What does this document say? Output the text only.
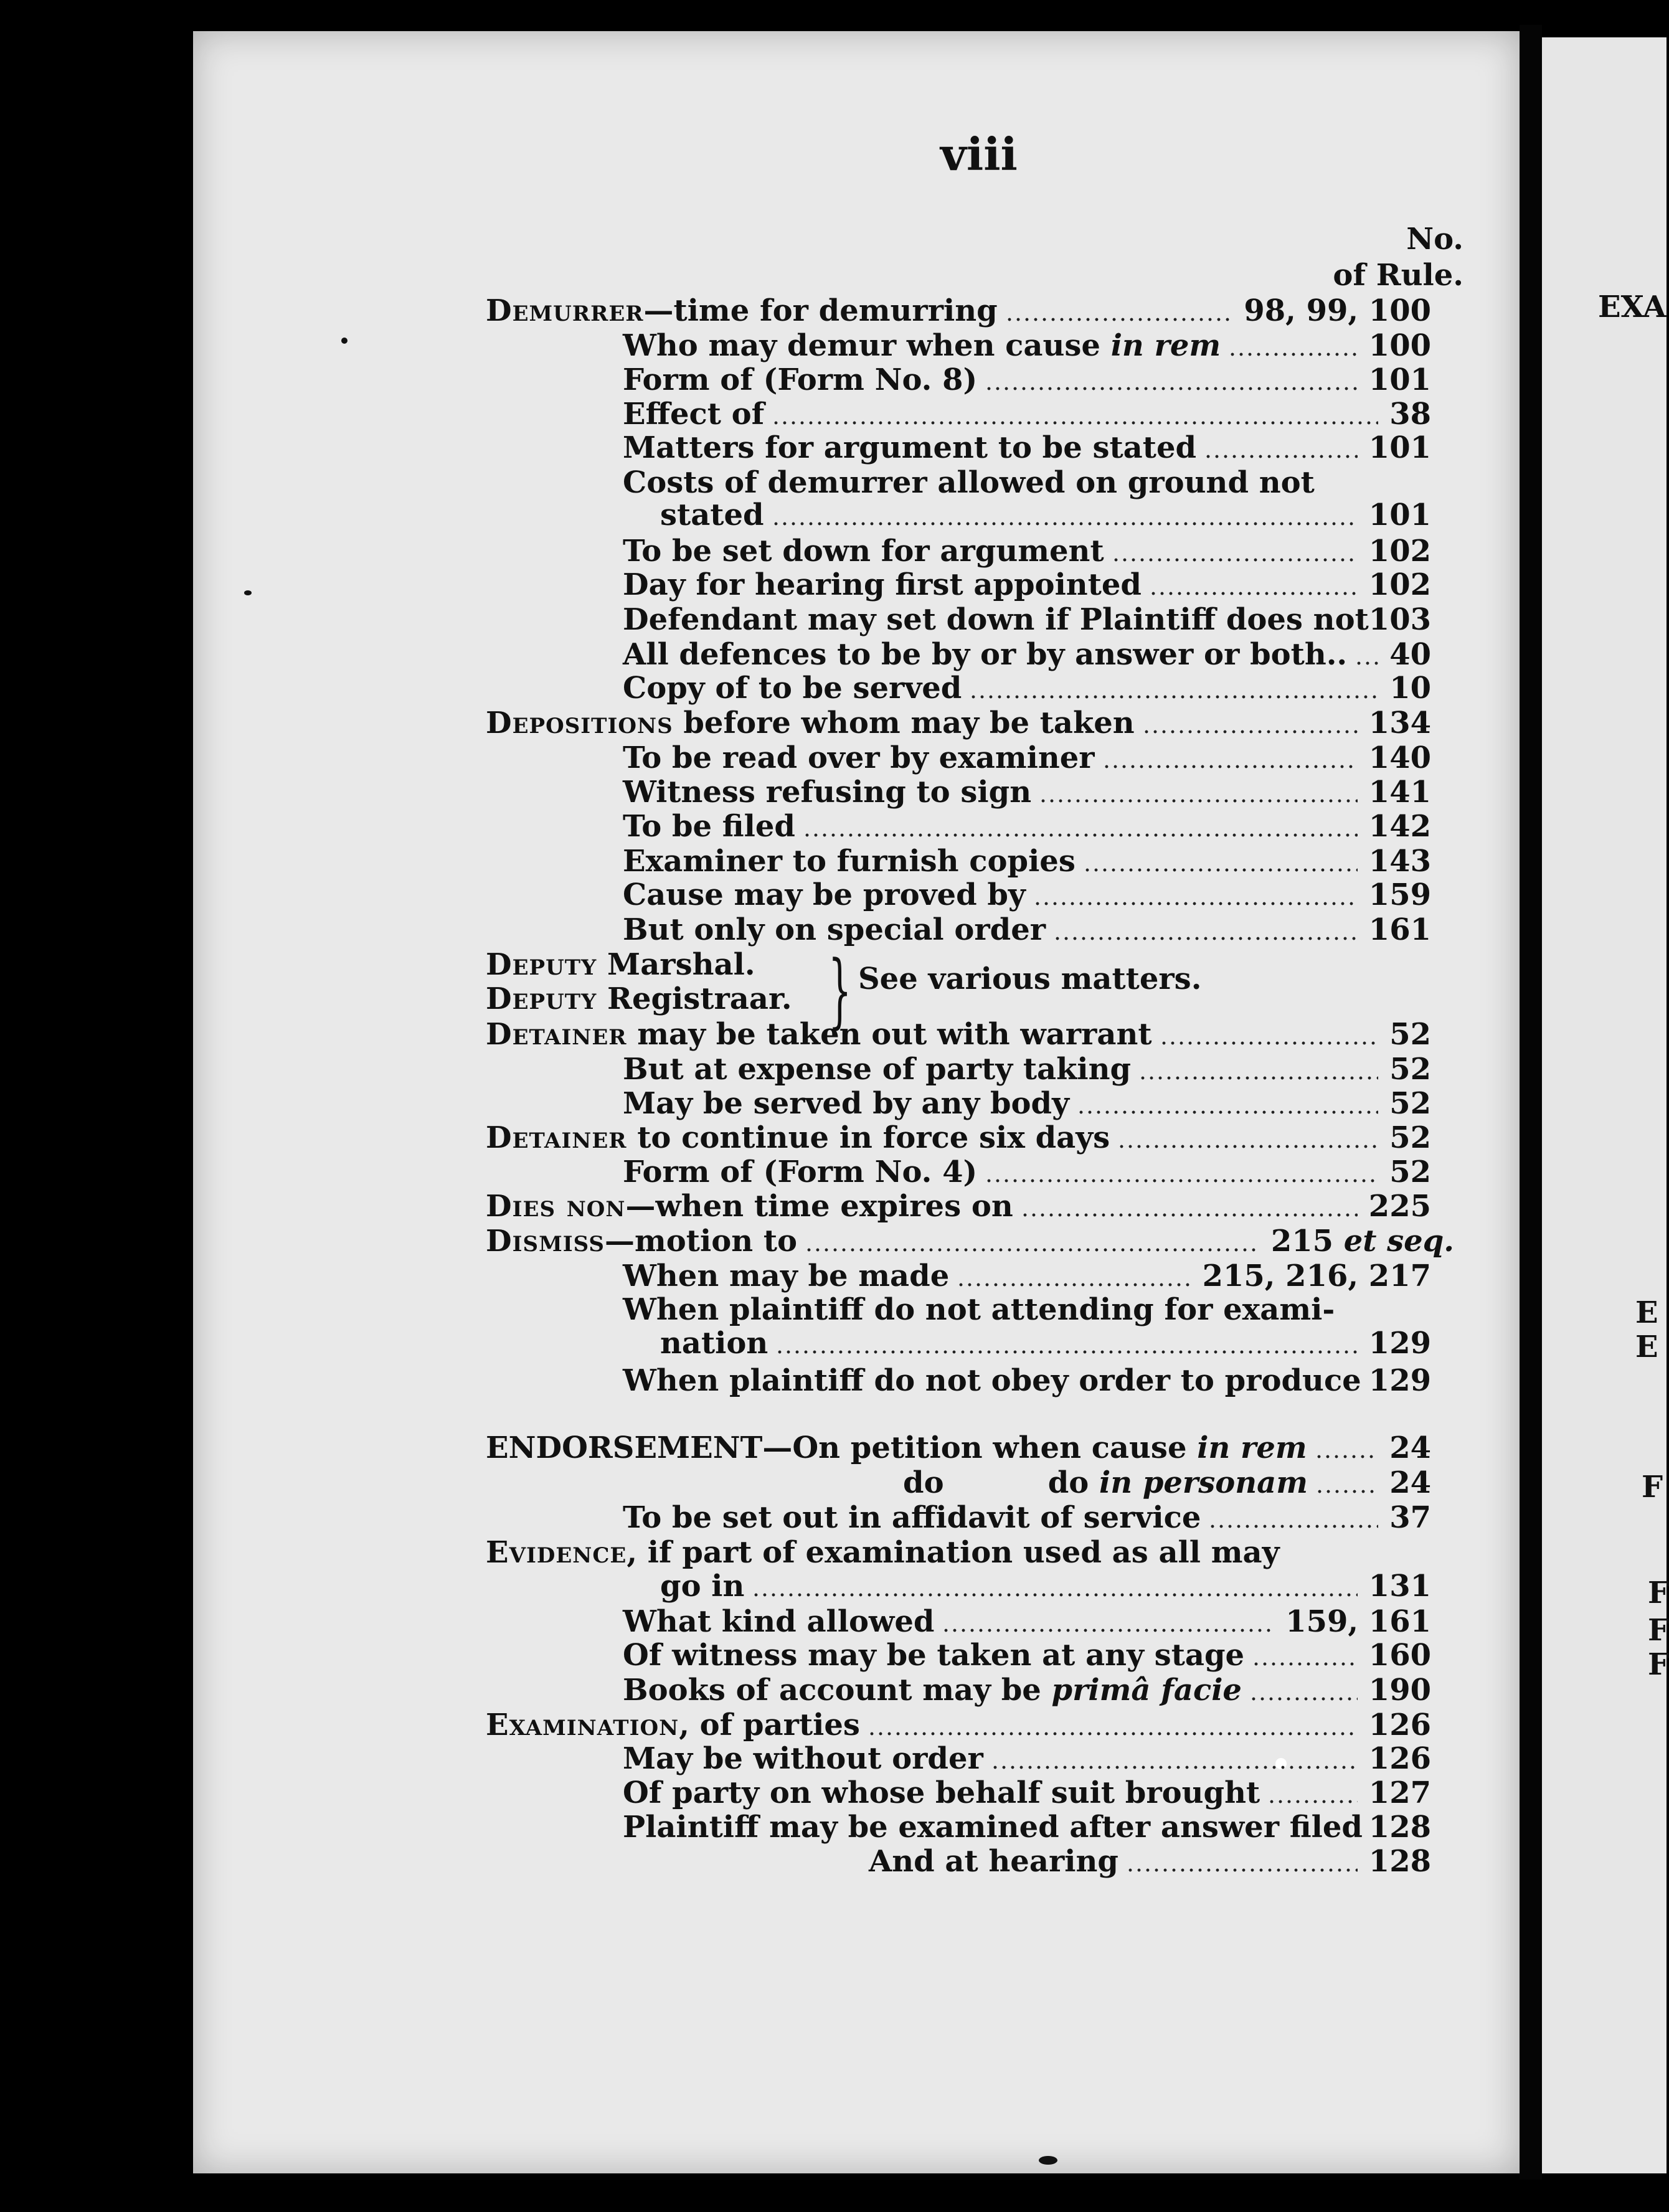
viii
No.
of Rule.
EXA
E
E
F
F
F
F
} See various matters.
Demurrer—time for demurring	98, 99, 100
Who may demur when cause in rem	100
Form of (Form No. 8)	101
Effect of	38
Matters for argument to be stated	101
Costs of demurrer allowed on ground not
stated	101
To be set down for argument	102
Day for hearing first appointed	102
Defendant may set down if Plaintiff does not 103
All defences to be by or by answer or both.. 40
Copy of to be served	10
Depositions before whom may be taken	134
To be read over by examiner	140
Witness refusing to sign	141
To be filed	142
Examiner to furnish copies	143
Cause may be proved by	159
But only on special order	161
Deputy Marshal.
Deputy Registraar.
Detainer may be taken out with warrant	52
But at expense of party taking	52
May be served by any body	52
Detainer to continue in force six days	52
Form of (Form No. 4)	52
Dies non—when time expires on	225
Dismiss—motion to	215 et seq.
When may be made	215, 216, 217
When plaintiff do not attending for exami-
nation	129
When plaintiff do not obey order to produce 129
ENDORSEMENT—On petition when cause in rem	24
do          do in personam	24
To be set out in affidavit of service	37
Evidence, if part of examination used as all may
go in	131
What kind allowed	159, 161
Of witness may be taken at any stage	160
Books of account may be primâ facie	190
Examination, of parties	126
May be without order	126
Of party on whose behalf suit brought	127
Plaintiff may be examined after answer filed 128
And at hearing	128
